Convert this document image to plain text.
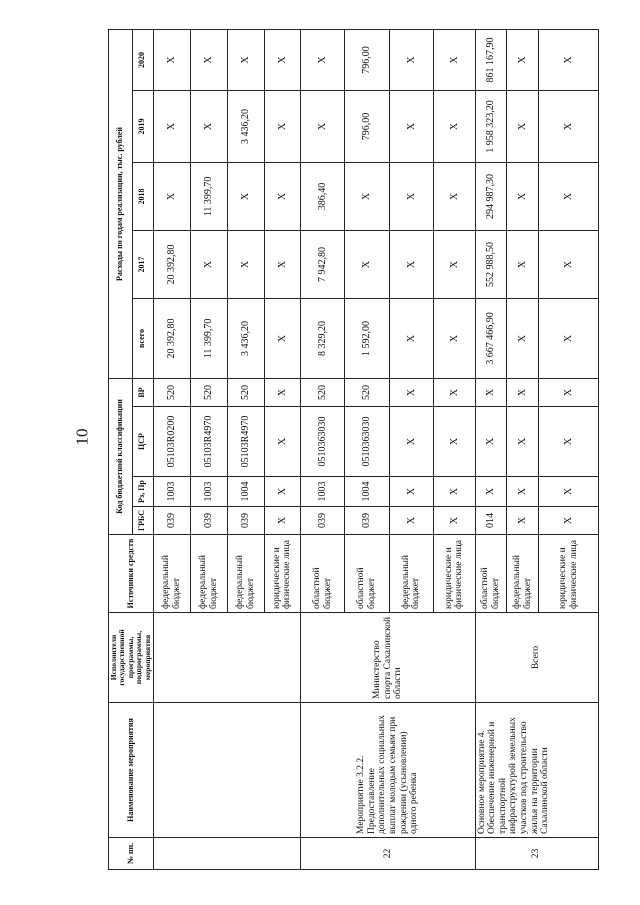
10
№ пп.	Наименование мероприятия	Исполнители государственной программы, подпрограммы, мероприятия	Источники средств	Код бюджетной классификации				Расходы по годам реализации, тыс. рублей				
				ГРБС	Рз, Пр	ЦСР	ВР	всего	2017	2018	2019	2020
			федеральный бюджет	039	1003	05103R0200	520	20 392,80	20 392,80	X	X	X
			федеральный бюджет	039	1003	05103R4970	520	11 399,70	X	11 399,70	X	X
			федеральный бюджет	039	1004	05103R4970	520	3 436,20	X	X	3 436,20	X
			юридические и физические лица	X	X	X	X	X	X	X	X	X
22	Мероприятие 3.2.2. Предоставление дополнительных социальных выплат молодым семьям при рождении (усыновлении) одного ребенка	Министерство спорта Сахалинской области	областной бюджет	039	1003	0510363030	520	8 329,20	7 942,80	386,40	X	X
			областной бюджет	039	1004	0510363030	520	1 592,00	X	X	796,00	796,00
			федеральный бюджет	X	X	X	X	X	X	X	X	X
			юридические и физические лица	X	X	X	X	X	X	X	X	X
23	Основное мероприятие 4. Обеспечение инженерной и транспортной инфраструктурой земельных участков под строительство жилья на территории Сахалинской области	Всего	областной бюджет	014	X	X	X	3 667 466,90	552 988,50	294 987,30	1 958 323,20	861 167,90
			федеральный бюджет	X	X	X	X	X	X	X	X	X
			юридические и физические лица	X	X	X	X	X	X	X	X	X
